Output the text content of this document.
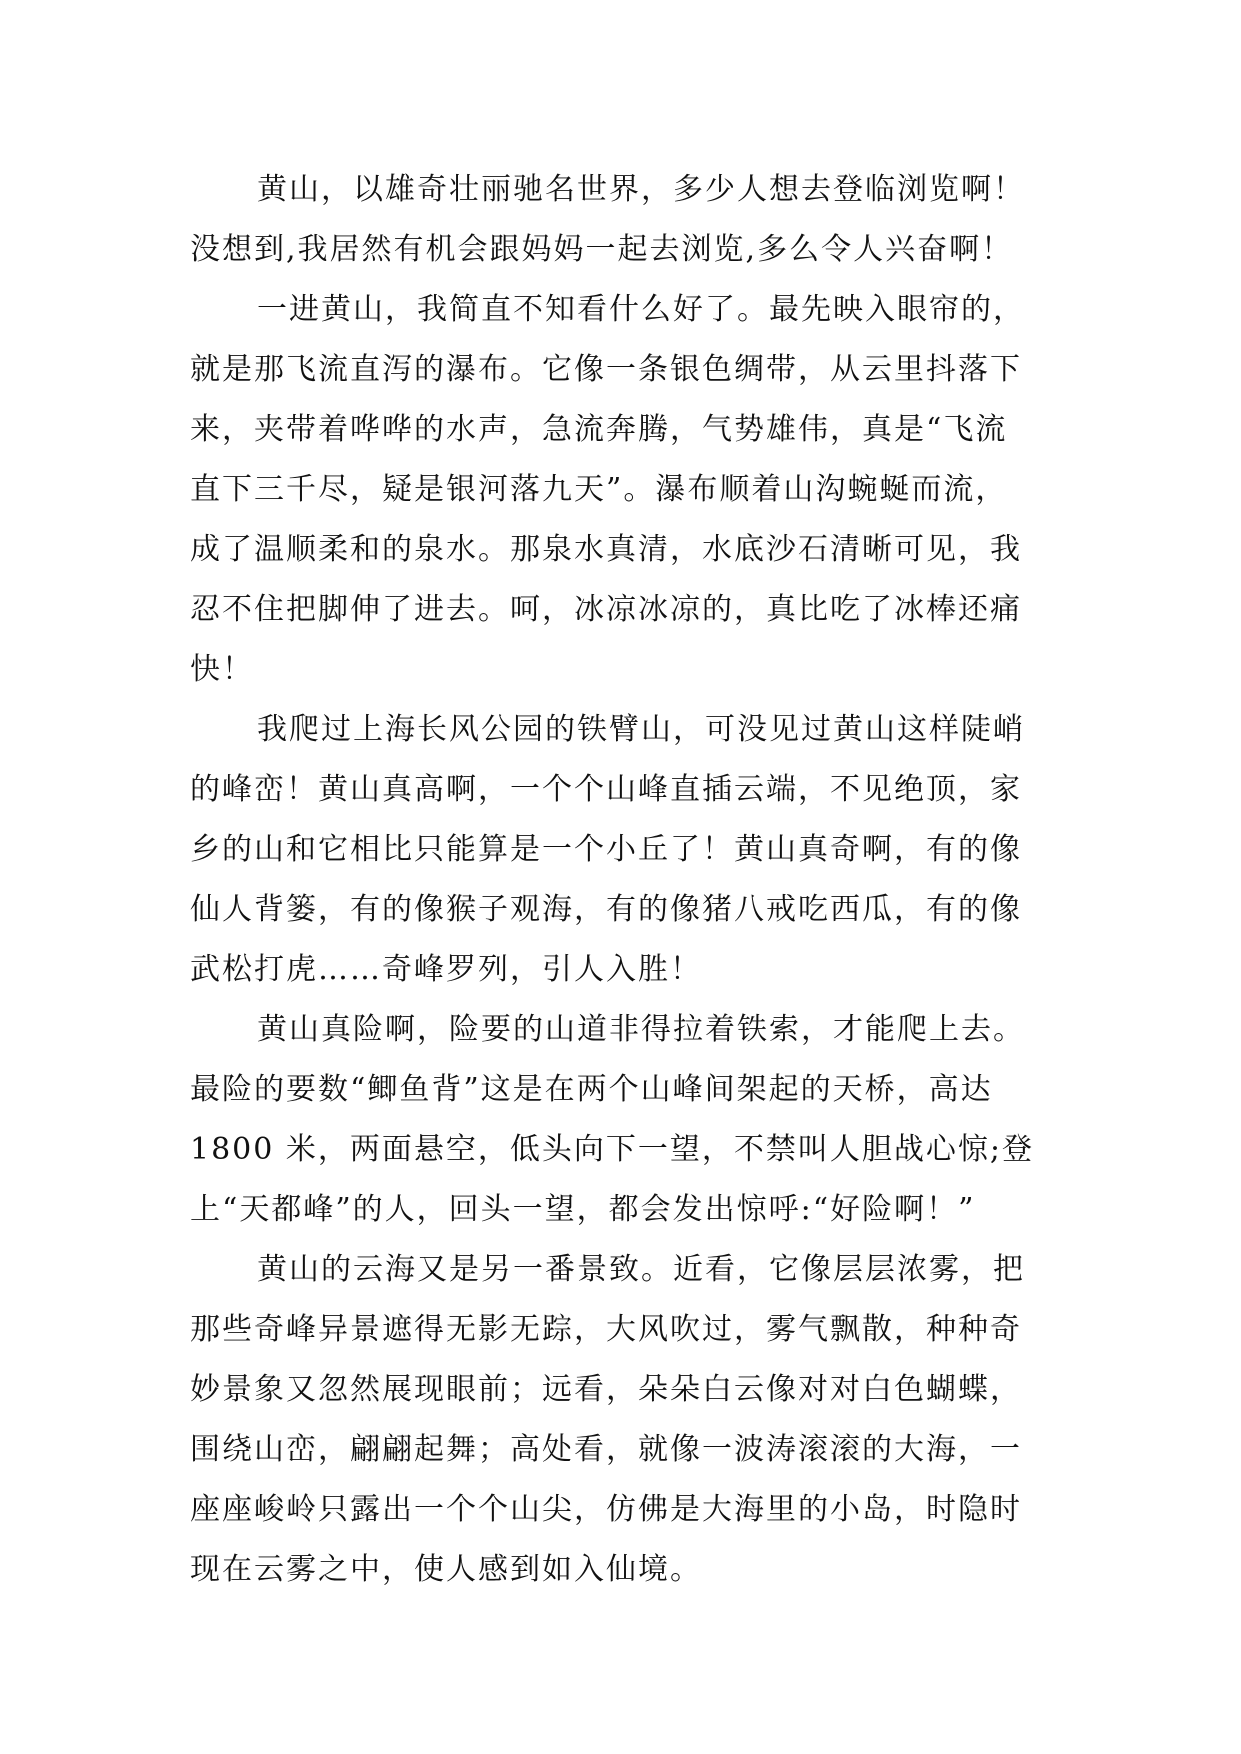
黄山，以雄奇壮丽驰名世界，多少人想去登临浏览啊！
没想到,我居然有机会跟妈妈一起去浏览,多么令人兴奋啊！
一进黄山，我简直不知看什么好了。最先映入眼帘的，
就是那飞流直泻的瀑布。它像一条银色绸带，从云里抖落下
来，夹带着哗哗的水声，急流奔腾，气势雄伟，真是“飞流
直下三千尽，疑是银河落九天”。瀑布顺着山沟蜿蜒而流，
成了温顺柔和的泉水。那泉水真清，水底沙石清晰可见，我
忍不住把脚伸了进去。呵，冰凉冰凉的，真比吃了冰棒还痛
快！
我爬过上海长风公园的铁臂山，可没见过黄山这样陡峭
的峰峦！黄山真高啊，一个个山峰直插云端，不见绝顶，家
乡的山和它相比只能算是一个小丘了！黄山真奇啊，有的像
仙人背篓，有的像猴子观海，有的像猪八戒吃西瓜，有的像
武松打虎……奇峰罗列，引人入胜！
黄山真险啊，险要的山道非得拉着铁索，才能爬上去。
最险的要数“鲫鱼背”这是在两个山峰间架起的天桥，高达
1800 米，两面悬空，低头向下一望，不禁叫人胆战心惊;登
上“天都峰”的人，回头一望，都会发出惊呼:“好险啊！”
黄山的云海又是另一番景致。近看，它像层层浓雾，把
那些奇峰异景遮得无影无踪，大风吹过，雾气飘散，种种奇
妙景象又忽然展现眼前；远看，朵朵白云像对对白色蝴蝶，
围绕山峦，翩翩起舞；高处看，就像一波涛滚滚的大海，一
座座峻岭只露出一个个山尖，仿佛是大海里的小岛，时隐时
现在云雾之中，使人感到如入仙境。
